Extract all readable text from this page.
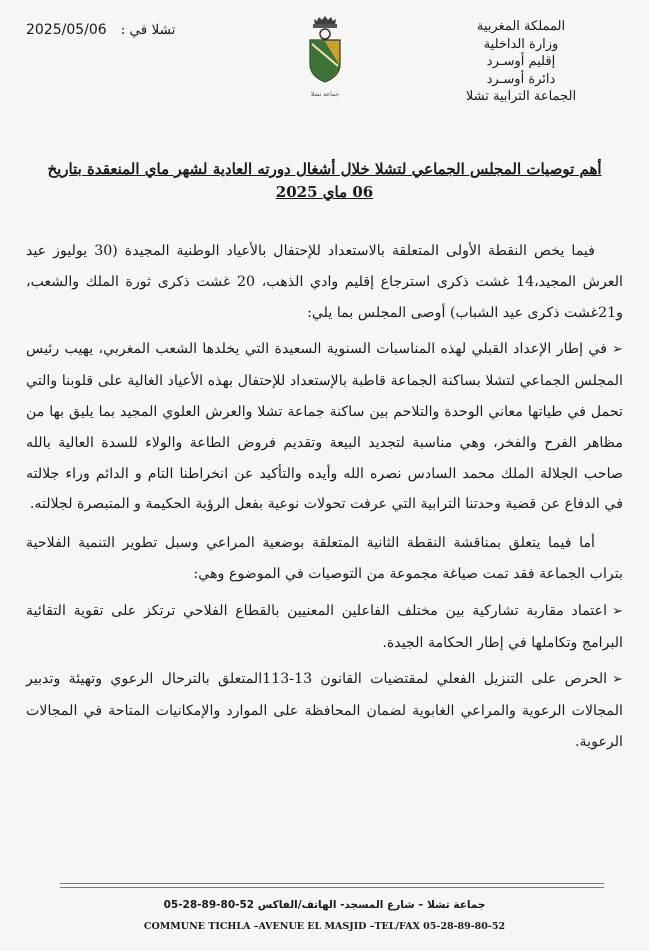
المملكة المغربية
وزارة الداخلية
إقليم أوسـرد
دائرة أوسـرد
الجماعة الترابية تشلا
جماعة تشلا
تشلا في :
2025/05/06
أهم توصيات المجلس الجماعي لتشلا خلال أشغال دورته العادية لشهر ماي المنعقدة بتاريخ
06 ماي 2025

فيما يخص النقطة الأولى المتعلقة بالاستعداد للإحتفال بالأعياد الوطنية المجيدة (30 يوليوز عيد العرش المجيد،14 غشت ذكرى استرجاع إقليم وادي الذهب، 20 غشت ذكرى ثورة الملك والشعب، و21غشت ذكرى عيد الشباب) أوصى المجلس بما يلي:

➢في إطار الإعداد القبلي لهذه المناسبات السنوية السعيدة التي يخلدها الشعب المغربي، يهيب رئيس المجلس الجماعي لتشلا بساكنة الجماعة قاطبة بالإستعداد للإحتفال بهذه الأعياد الغالية على قلوبنا والتي تحمل في طياتها معاني الوحدة والتلاحم بين ساكنة جماعة تشلا والعرش العلوي المجيد بما يليق بها من مظاهر الفرح والفخر، وهي مناسبة لتجديد البيعة وتقديم فروض الطاعة والولاء للسدة العالية بالله صاحب الجلالة الملك محمد السادس نصره الله وأيده والتأكيد عن انخراطنا التام و الدائم وراء جلالته في الدفاع عن قضية وحدتنا الترابية التي عرفت تحولات نوعية بفعل الرؤية الحكيمة و المتبصرة لجلالته.

أما فيما يتعلق بمناقشة النقطة الثانية المتعلقة بوضعية المراعي وسبل تطوير التنمية الفلاحية بتراب الجماعة فقد تمت صياغة مجموعة من التوصيات في الموضوع وهي:

➢اعتماد مقاربة تشاركية بين مختلف الفاعلين المعنيين بالقطاع الفلاحي ترتكز على تقوية التقائية البرامج وتكاملها في إطار الحكامة الجيدة.

➢الحرص على التنزيل الفعلي لمقتضيات القانون 13-113المتعلق بالترحال الرعوي وتهيئة وتدبير المجالات الرعوية والمراعي الغابوية لضمان المحافظة على الموارد والإمكانيات المتاحة في المجالات الرعوية.

جماعة تشلا – شارع المسجد- الهاتف/الفاكس 52-80-89-28-05
COMMUNE TICHLA –AVENUE EL MASJID –TEL/FAX 05-28-89-80-52
